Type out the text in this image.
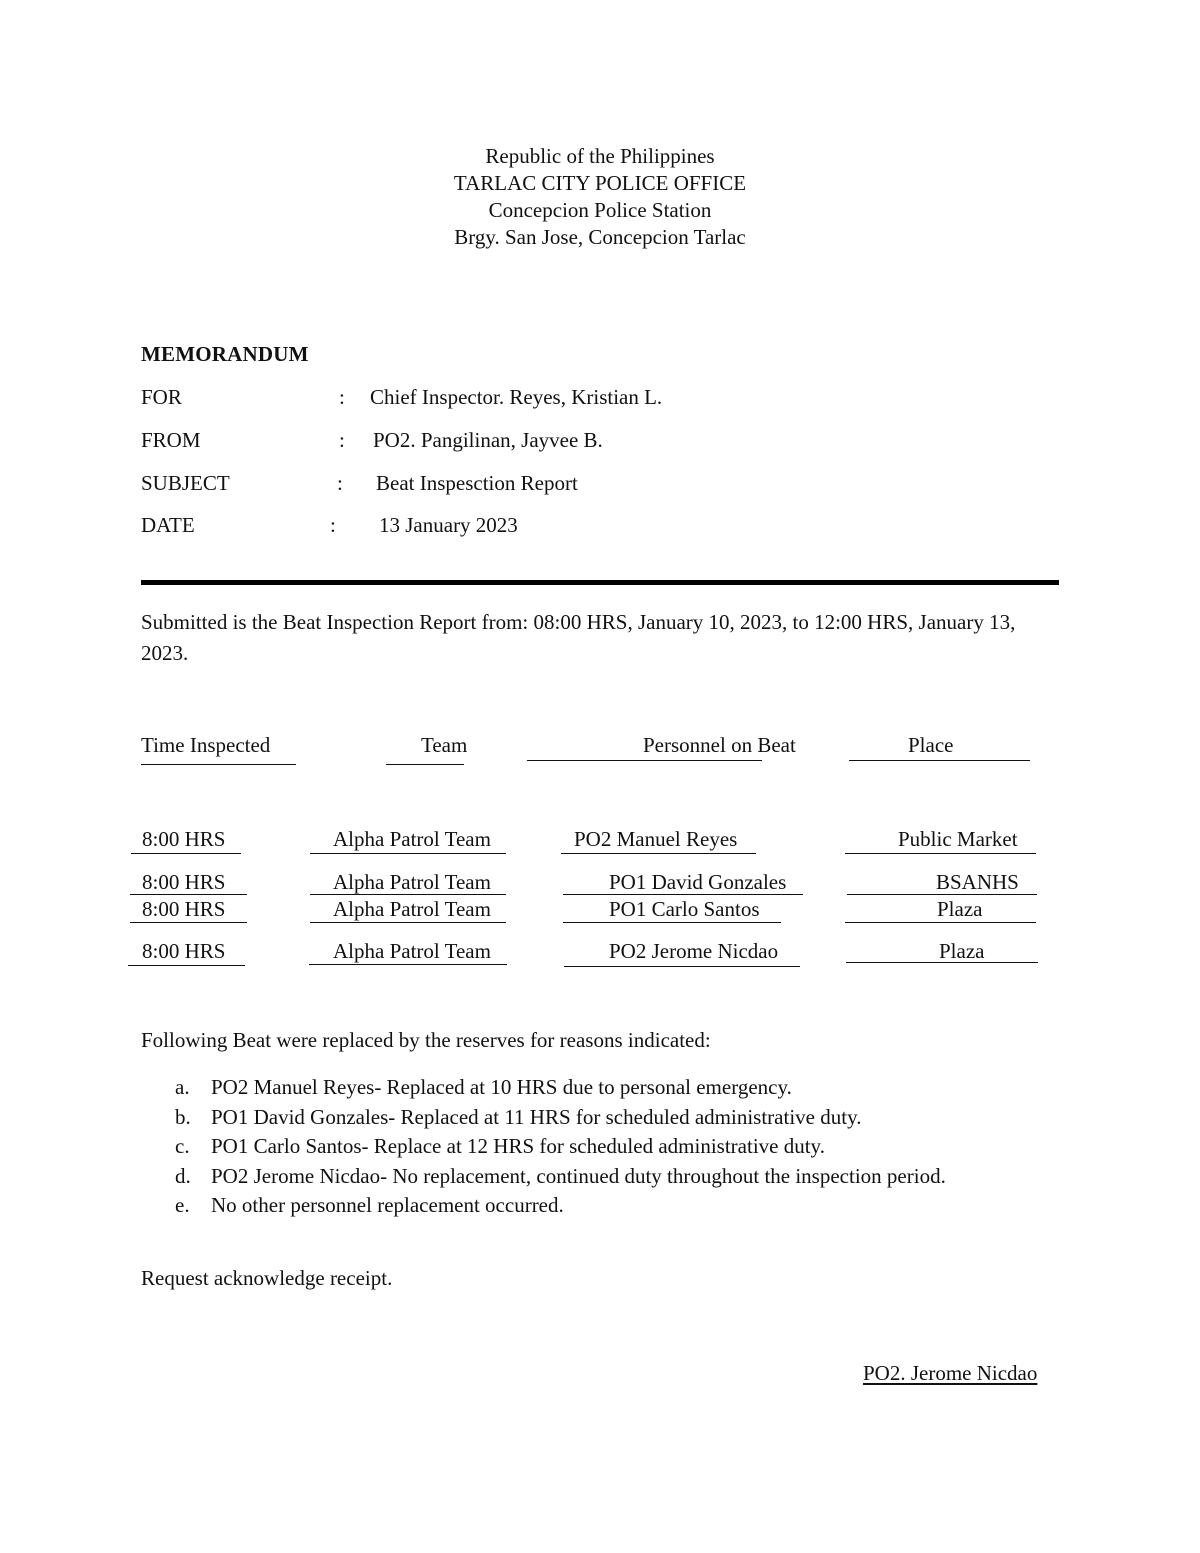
Republic of the Philippines
TARLAC CITY POLICE OFFICE
Concepcion Police Station
Brgy. San Jose, Concepcion Tarlac
MEMORANDUM
FOR	: Chief Inspector. Reyes, Kristian L.
FROM	: PO2. Pangilinan, Jayvee B.
SUBJECT	: Beat Inspesction Report
DATE	: 13 January 2023
Submitted is the Beat Inspection Report from: 08:00 HRS, January 10, 2023, to 12:00 HRS, January 13, 2023.
Time Inspected	Team	Personnel on Beat	Place
8:00 HRS	Alpha Patrol Team	PO2 Manuel Reyes	Public Market
8:00 HRS	Alpha Patrol Team	PO1 David Gonzales	BSANHS
8:00 HRS	Alpha Patrol Team	PO1 Carlo Santos	Plaza
8:00 HRS	Alpha Patrol Team	PO2 Jerome Nicdao	Plaza
Following Beat were replaced by the reserves for reasons indicated:
a. PO2 Manuel Reyes- Replaced at 10 HRS due to personal emergency.
b. PO1 David Gonzales- Replaced at 11 HRS for scheduled administrative duty.
c. PO1 Carlo Santos- Replace at 12 HRS for scheduled administrative duty.
d. PO2 Jerome Nicdao- No replacement, continued duty throughout the inspection period.
e. No other personnel replacement occurred.
Request acknowledge receipt.
PO2. Jerome Nicdao
